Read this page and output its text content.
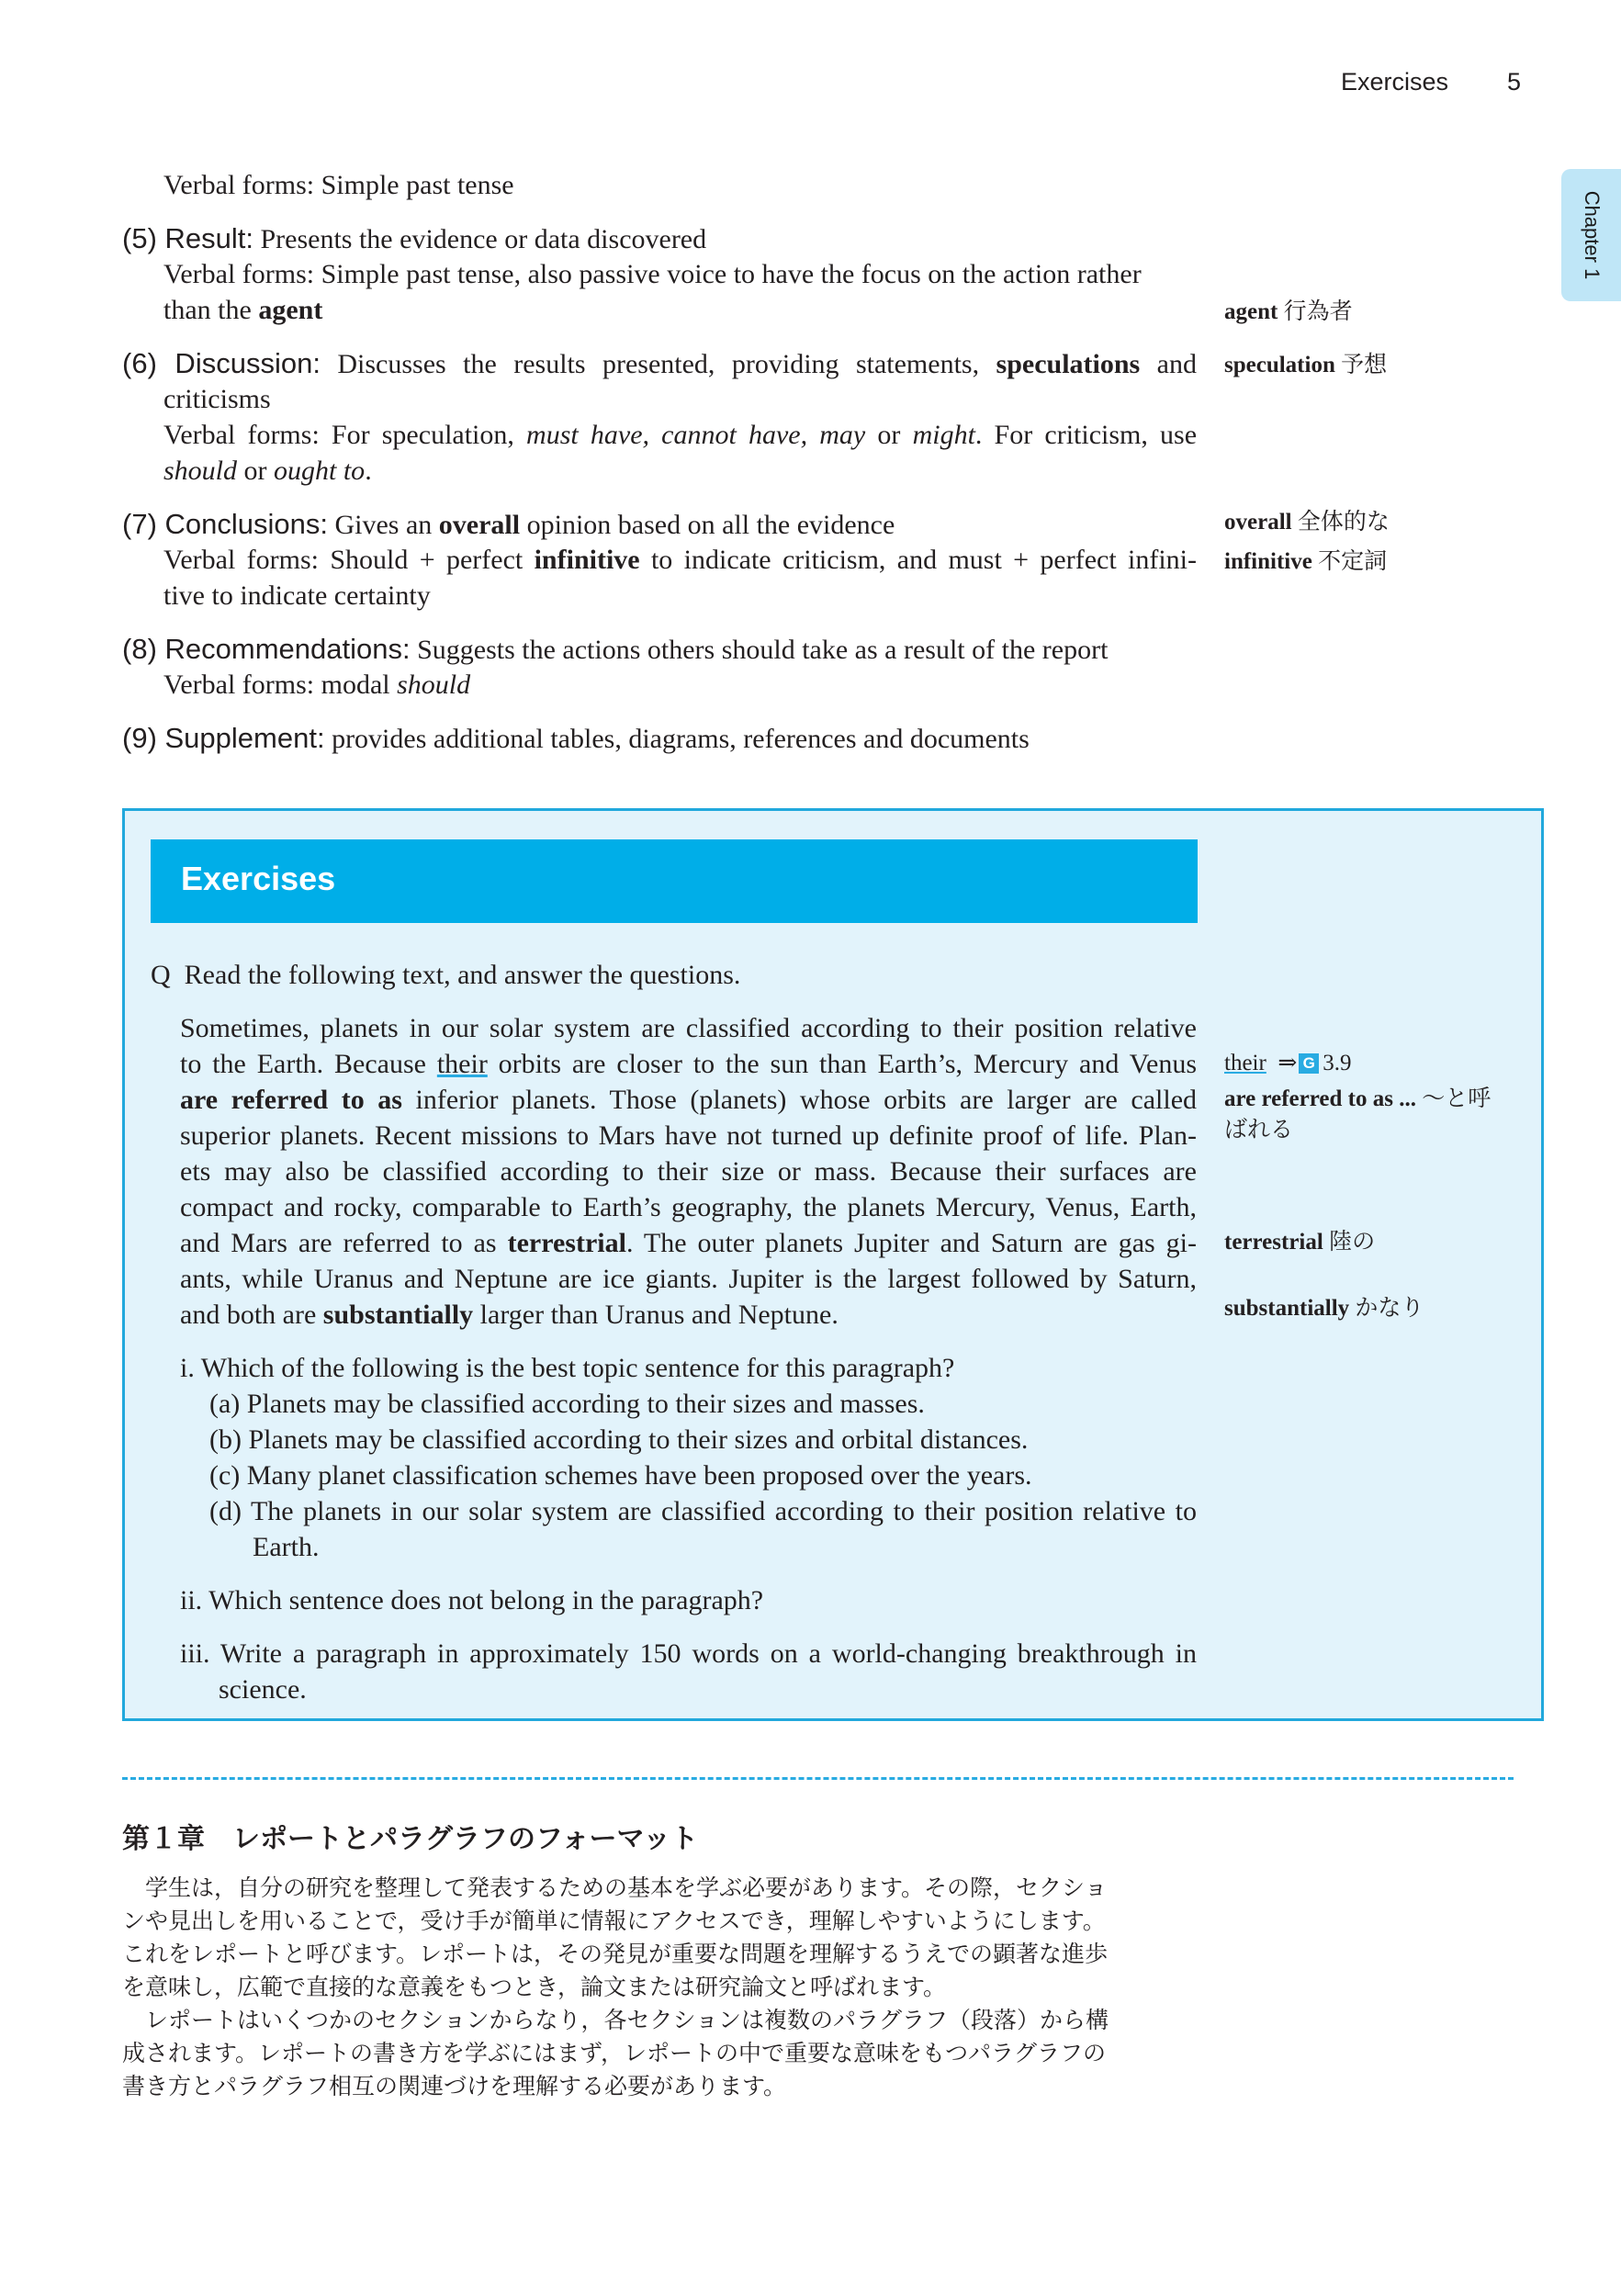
Exercises 5
Chapter 1
Verbal forms: Simple past tense
(5) Result: Presents the evidence or data discovered
Verbal forms: Simple past tense, also passive voice to have the focus on the action rather
than the agent
(6) Discussion: Discusses the results presented, providing statements, speculations and
criticisms
Verbal forms: For speculation, must have, cannot have, may or might. For criticism, use
should or ought to.
(7) Conclusions: Gives an overall opinion based on all the evidence
Verbal forms: Should + perfect infinitive to indicate criticism, and must + perfect infini-
tive to indicate certainty
(8) Recommendations: Suggests the actions others should take as a result of the report
Verbal forms: modal should
(9) Supplement: provides additional tables, diagrams, references and documents
agent 行為者
speculation 予想
overall 全体的な
infinitive 不定詞
Exercises
Q Read the following text, and answer the questions.
Sometimes, planets in our solar system are classified according to their position relative
to the Earth. Because their orbits are closer to the sun than Earth’s, Mercury and Venus
are referred to as inferior planets. Those (planets) whose orbits are larger are called
superior planets. Recent missions to Mars have not turned up definite proof of life. Plan-
ets may also be classified according to their size or mass. Because their surfaces are
compact and rocky, comparable to Earth’s geography, the planets Mercury, Venus, Earth,
and Mars are referred to as terrestrial. The outer planets Jupiter and Saturn are gas gi-
ants, while Uranus and Neptune are ice giants. Jupiter is the largest followed by Saturn,
and both are substantially larger than Uranus and Neptune.
i. Which of the following is the best topic sentence for this paragraph?
(a) Planets may be classified according to their sizes and masses.
(b) Planets may be classified according to their sizes and orbital distances.
(c) Many planet classification schemes have been proposed over the years.
(d) The planets in our solar system are classified according to their position relative to
Earth.
ii. Which sentence does not belong in the paragraph?
iii. Write a paragraph in approximately 150 words on a world-changing breakthrough in
science.
their ⇒ G 3.9
are referred to as ... 〜と呼
ばれる
terrestrial 陸の
substantially かなり
第１章　レポートとパラグラフのフォーマット
　学生は，自分の研究を整理して発表するための基本を学ぶ必要があります。その際，セクショ
ンや見出しを用いることで，受け手が簡単に情報にアクセスでき，理解しやすいようにします。
これをレポートと呼びます。レポートは，その発見が重要な問題を理解するうえでの顕著な進歩
を意味し，広範で直接的な意義をもつとき，論文または研究論文と呼ばれます。
　レポートはいくつかのセクションからなり，各セクションは複数のパラグラフ（段落）から構
成されます。レポートの書き方を学ぶにはまず，レポートの中で重要な意味をもつパラグラフの
書き方とパラグラフ相互の関連づけを理解する必要があります。
